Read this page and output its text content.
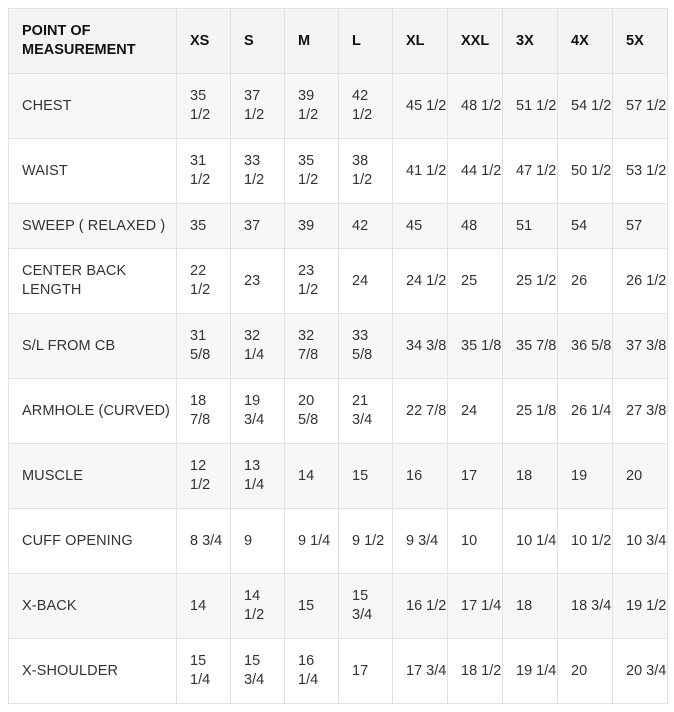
POINT OF MEASUREMENT	XS	S	M	L	XL	XXL	3X	4X	5X
CHEST	35 1/2	37 1/2	39 1/2	42 1/2	45 1/2	48 1/2	51 1/2	54 1/2	57 1/2
WAIST	31 1/2	33 1/2	35 1/2	38 1/2	41 1/2	44 1/2	47 1/2	50 1/2	53 1/2
SWEEP ( RELAXED )	35	37	39	42	45	48	51	54	57
CENTER BACK LENGTH	22 1/2	23	23 1/2	24	24 1/2	25	25 1/2	26	26 1/2
S/L FROM CB	31 5/8	32 1/4	32 7/8	33 5/8	34 3/8	35 1/8	35 7/8	36 5/8	37 3/8
ARMHOLE (CURVED)	18 7/8	19 3/4	20 5/8	21 3/4	22 7/8	24	25 1/8	26 1/4	27 3/8
MUSCLE	12 1/2	13 1/4	14	15	16	17	18	19	20
CUFF OPENING	8 3/4	9	9 1/4	9 1/2	9 3/4	10	10 1/4	10 1/2	10 3/4
X-BACK	14	14 1/2	15	15 3/4	16 1/2	17 1/4	18	18 3/4	19 1/2
X-SHOULDER	15 1/4	15 3/4	16 1/4	17	17 3/4	18 1/2	19 1/4	20	20 3/4
